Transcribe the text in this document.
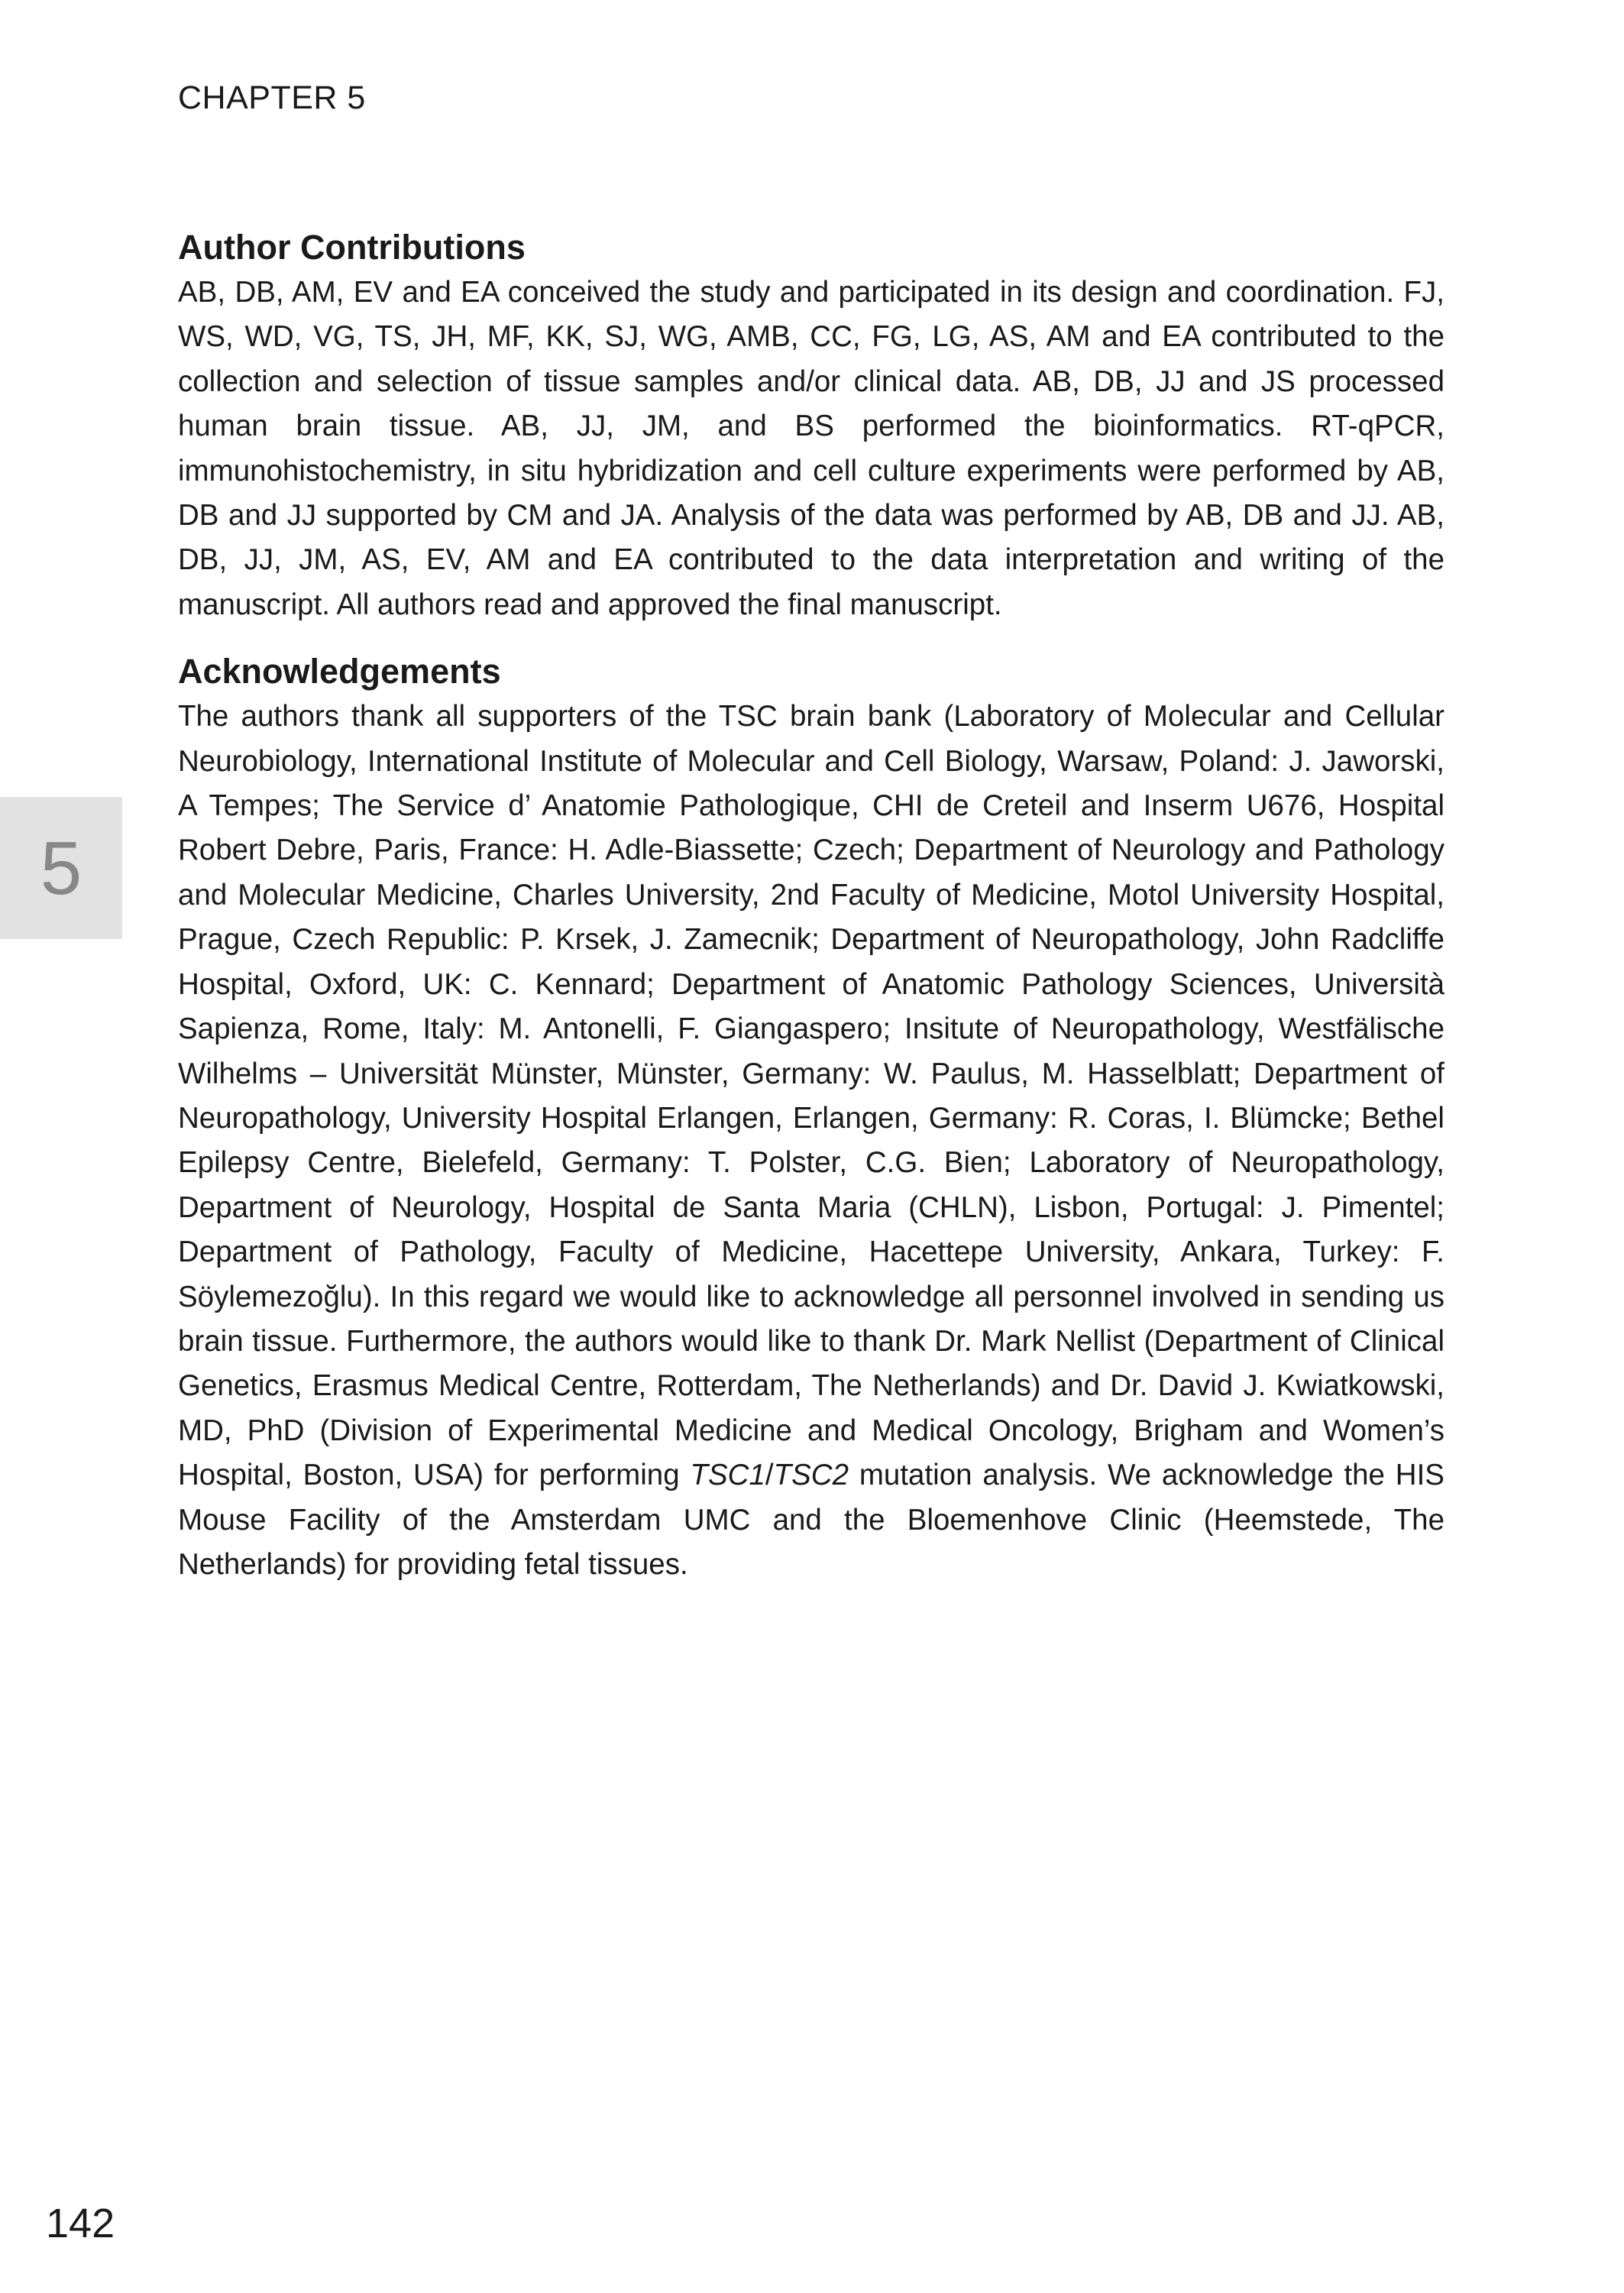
CHAPTER 5
Author Contributions

AB, DB, AM, EV and EA conceived the study and participated in its design and coordination. FJ, WS, WD, VG, TS, JH, MF, KK, SJ, WG, AMB, CC, FG, LG, AS, AM and EA contributed to the collection and selection of tissue samples and/or clinical data. AB, DB, JJ and JS processed human brain tissue. AB, JJ, JM, and BS performed the bioinformatics. RT-qPCR, immunohistochemistry, in situ hybridization and cell culture experiments were performed by AB, DB and JJ supported by CM and JA. Analysis of the data was performed by AB, DB and JJ. AB, DB, JJ, JM, AS, EV, AM and EA contributed to the data interpretation and writing of the manuscript. All authors read and approved the final manuscript.

Acknowledgements

The authors thank all supporters of the TSC brain bank (Laboratory of Molecular and Cellular Neurobiology, International Institute of Molecular and Cell Biology, Warsaw, Poland: J. Jaworski, A Tempes; The Service d’ Anatomie Pathologique, CHI de Creteil and Inserm U676, Hospital Robert Debre, Paris, France: H. Adle-Biassette; Czech; Department of Neurology and Pathology and Molecular Medicine, Charles University, 2nd Faculty of Medicine, Motol University Hospital, Prague, Czech Republic: P. Krsek, J. Zamecnik; Department of Neuropathology, John Radcliffe Hospital, Oxford, UK: C. Kennard; Department of Anatomic Pathology Sciences, Università Sapienza, Rome, Italy: M. Antonelli, F. Giangaspero; Insitute of Neuropathology, Westfälische Wilhelms – Universität Münster, Münster, Germany: W. Paulus, M. Hasselblatt; Department of Neuropathology, University Hospital Erlangen, Erlangen, Germany: R. Coras, I. Blümcke; Bethel Epilepsy Centre, Bielefeld, Germany: T. Polster, C.G. Bien; Laboratory of Neuropathology, Department of Neurology, Hospital de Santa Maria (CHLN), Lisbon, Portugal: J. Pimentel; Department of Pathology, Faculty of Medicine, Hacettepe University, Ankara, Turkey: F. Söylemezoğlu). In this regard we would like to acknowledge all personnel involved in sending us brain tissue. Furthermore, the authors would like to thank Dr. Mark Nellist (Department of Clinical Genetics, Erasmus Medical Centre, Rotterdam, The Netherlands) and Dr. David J. Kwiatkowski, MD, PhD (Division of Experimental Medicine and Medical Oncology, Brigham and Women’s Hospital, Boston, USA) for performing TSC1/TSC2 mutation analysis. We acknowledge the HIS Mouse Facility of the Amsterdam UMC and the Bloemenhove Clinic (Heemstede, The Netherlands) for providing fetal tissues.

5
142
